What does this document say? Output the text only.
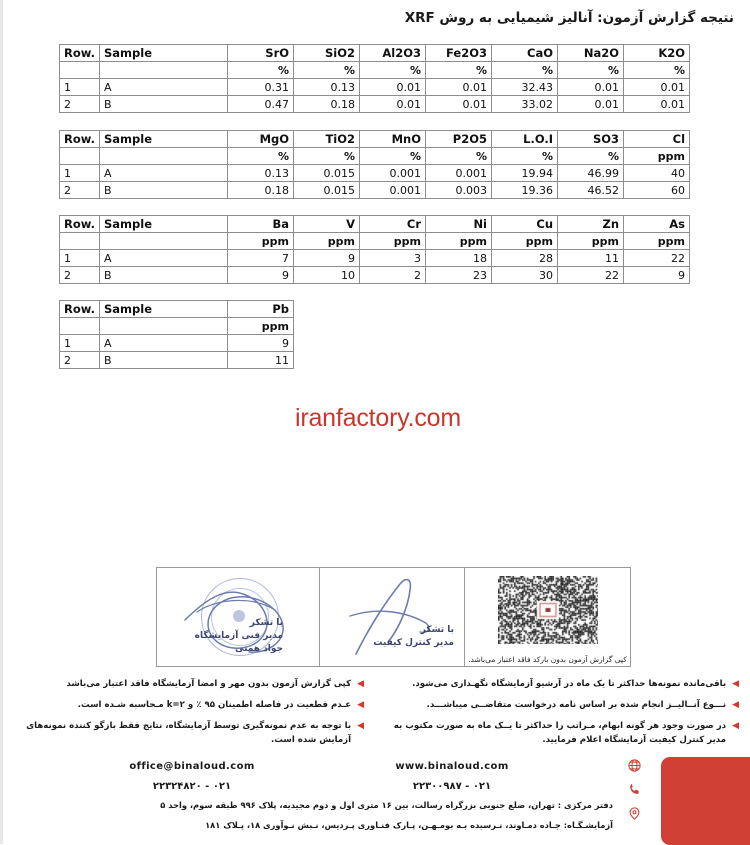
نتیجه گزارش آزمون: آنالیز شیمیایی به روش XRF
Row.	Sample	SrO	SiO2	Al2O3	Fe2O3	CaO	Na2O	K2O
		%	%	%	%	%	%	%
1	A	0.31	0.13	0.01	0.01	32.43	0.01	0.01
2	B	0.47	0.18	0.01	0.01	33.02	0.01	0.01
Row.	Sample	MgO	TiO2	MnO	P2O5	L.O.I	SO3	Cl
		%	%	%	%	%	%	ppm
1	A	0.13	0.015	0.001	0.001	19.94	46.99	40
2	B	0.18	0.015	0.001	0.003	19.36	46.52	60
Row.	Sample	Ba	V	Cr	Ni	Cu	Zn	As
		ppm	ppm	ppm	ppm	ppm	ppm	ppm
1	A	7	9	3	18	28	11	22
2	B	9	10	2	23	30	22	9
Row.	Sample	Pb
		ppm
1	A	9
2	B	11
iranfactory.com
با تشکر
مدیر فنی آزمایشگاه
جواد همتی
با تشکر
مدیر کنترل کیفیت
کپی گزارش آزمون بدون بارکد فاقد اعتبار می‌باشد.
◀
کپی گزارش آزمون بدون مهر و امضا آزمایشگاه فاقد اعتبار می‌باشد
◀
عـدم قطعیت در فاصله اطمینان ۹۵ ٪ و k=۲ مـحاسبه شـده است.
◀
با توجه به عدم نمونه‌گیری توسط آزمایشگاه، نتایج فقط بازگو کننده نمونه‌های آزمایش شده است.
◀
باقی‌مانده نمونه‌ها حداکثر تا یک ماه در آرشیو آزمایشگاه نگهـداری می‌شود.
◀
نـــوع آنــالیــز انجام شده بر اساس نامه درخواست متقاضــی میباشـــد.
◀
در صورت وجود هر گونه ابهام، مـراتب را حداکثر تا یــک ماه به صورت مکتوب به مدیر کنترل کیفیت آزمایشگاه اعلام فرمایید.
office@binaloud.com	www.binaloud.com
۰۲۱ - ۲۲۳۲۴۸۲۰	۰۲۱ - ۲۲۳۰۰۹۸۷
دفتر مرکزی : تهران، ضلع جنوبی بزرگراه رسالت، بین ۱۶ متری اول و دوم مجیدیه، پلاک ۹۹۶ طبقه سوم، واحد ۵
آزمایشـگـاه: جـاده دمـاوند، نـرسیده بـه بومـهـن، پـارک فنـاوری پـردیس، نـبش نـوآوری ۱۸، پـلاک ۱۸۱
